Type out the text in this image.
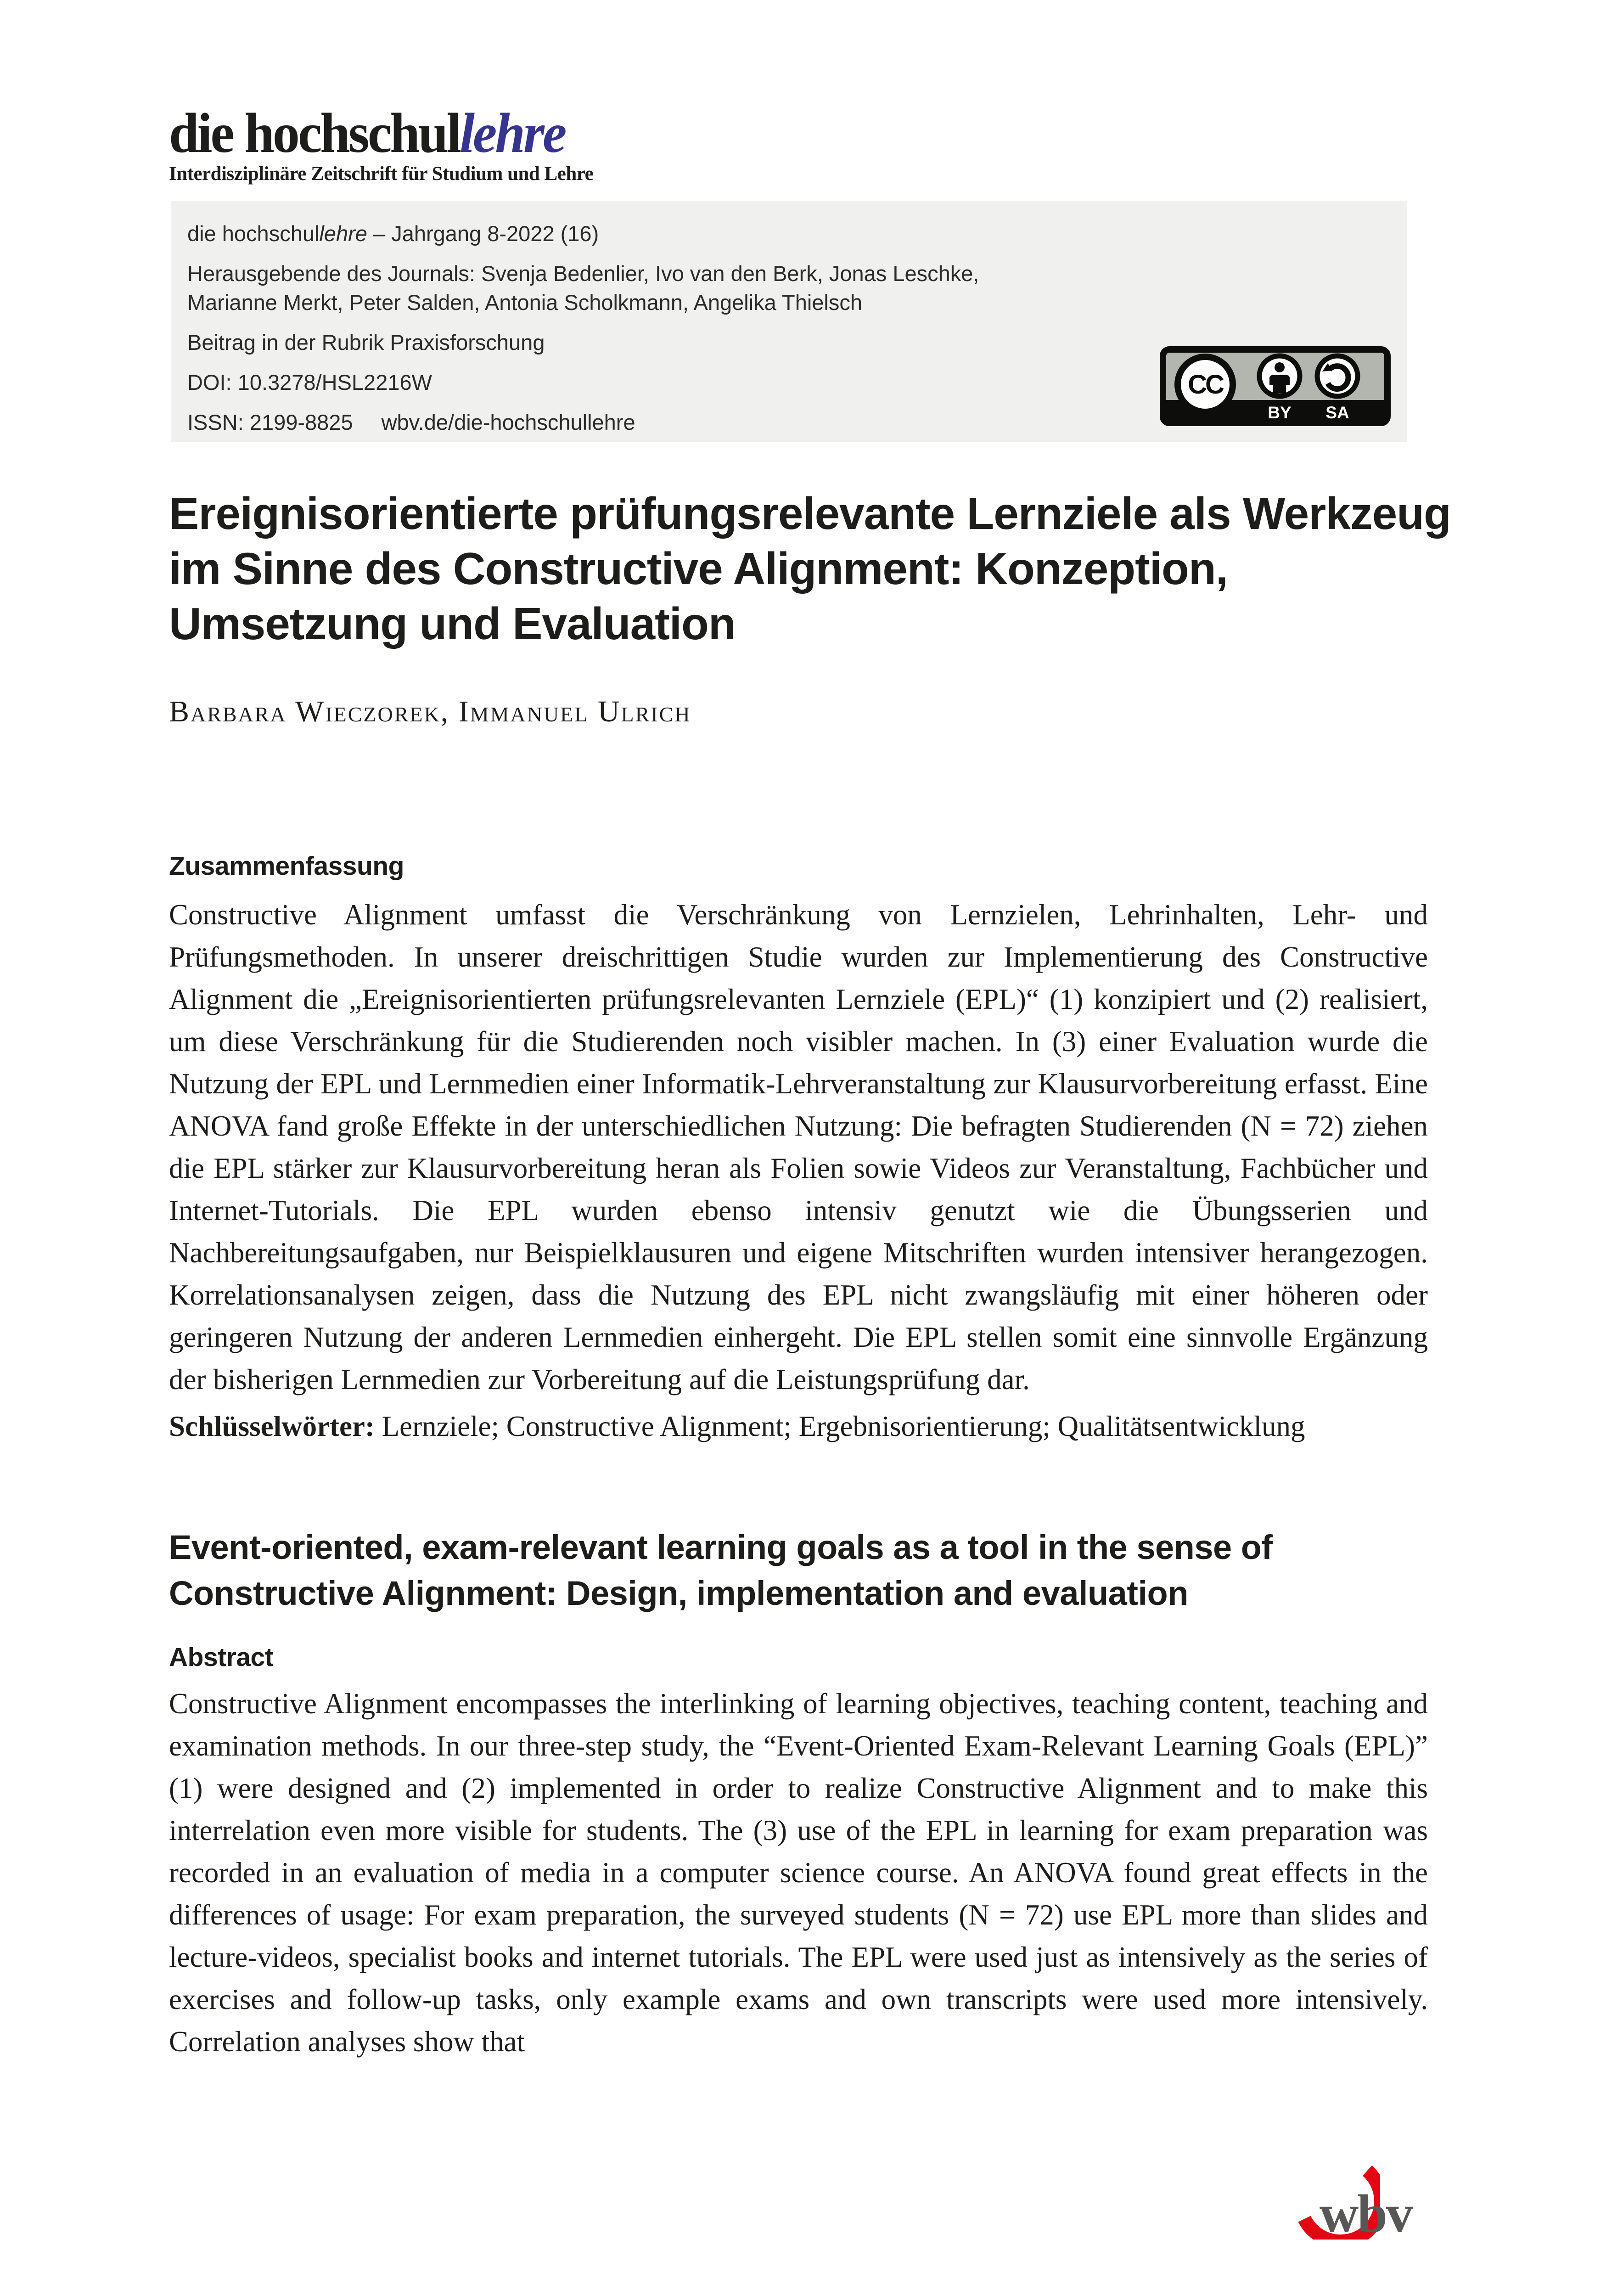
die hochschullehre
Interdisziplinäre Zeitschrift für Studium und Lehre

die hochschullehre – Jahrgang 8-2022 (16)

Herausgebende des Journals: Svenja Bedenlier, Ivo van den Berk, Jonas Leschke,
Marianne Merkt, Peter Salden, Antonia Scholkmann, Angelika Thielsch

Beitrag in der Rubrik Praxisforschung

DOI: 10.3278/HSL2216W

ISSN: 2199-8825 wbv.de/die-hochschullehre

CC
BY SA
Ereignisorientierte prüfungsrelevante Lernziele als Werkzeug
im Sinne des Constructive Alignment: Konzeption,
Umsetzung und Evaluation
Barbara Wieczorek, Immanuel Ulrich
Zusammenfassung

Constructive Alignment umfasst die Verschränkung von Lernzielen, Lehrinhalten, Lehr- und Prüfungsmethoden. In unserer dreischrittigen Studie wurden zur Implementierung des Constructive Alignment die „Ereignisorientierten prüfungsrelevanten Lernziele (EPL)“ (1) konzipiert und (2) realisiert, um diese Verschränkung für die Studierenden noch visibler machen. In (3) einer Evaluation wurde die Nutzung der EPL und Lernmedien einer Informatik-Lehrveranstaltung zur Klausurvorbereitung erfasst. Eine ANOVA fand große Effekte in der unterschiedlichen Nutzung: Die befragten Studierenden (N = 72) ziehen die EPL stärker zur Klausurvorbereitung heran als Folien sowie Videos zur Veranstaltung, Fachbücher und Internet-Tutorials. Die EPL wurden ebenso intensiv genutzt wie die Übungsserien und Nachbereitungsaufgaben, nur Beispielklausuren und eigene Mitschriften wurden intensiver herangezogen. Korrelationsanalysen zeigen, dass die Nutzung des EPL nicht zwangsläufig mit einer höheren oder geringeren Nutzung der anderen Lernmedien einhergeht. Die EPL stellen somit eine sinnvolle Ergänzung der bisherigen Lernmedien zur Vorbereitung auf die Leistungsprüfung dar.

Schlüsselwörter: Lernziele; Constructive Alignment; Ergebnisorientierung; Qualitätsentwicklung

Event-oriented, exam-relevant learning goals as a tool in the sense of
Constructive Alignment: Design, implementation and evaluation
Abstract

Constructive Alignment encompasses the interlinking of learning objectives, teaching content, teaching and examination methods. In our three-step study, the “Event-Oriented Exam-Relevant Learning Goals (EPL)” (1) were designed and (2) implemented in order to realize Constructive Alignment and to make this interrelation even more visible for students. The (3) use of the EPL in learning for exam preparation was recorded in an evaluation of media in a computer science course. An ANOVA found great effects in the differences of usage: For exam preparation, the surveyed students (N = 72) use EPL more than slides and lecture-videos, specialist books and internet tutorials. The EPL were used just as intensively as the series of exercises and follow-up tasks, only example exams and own transcripts were used more intensively. Correlation analyses show that

wbv
